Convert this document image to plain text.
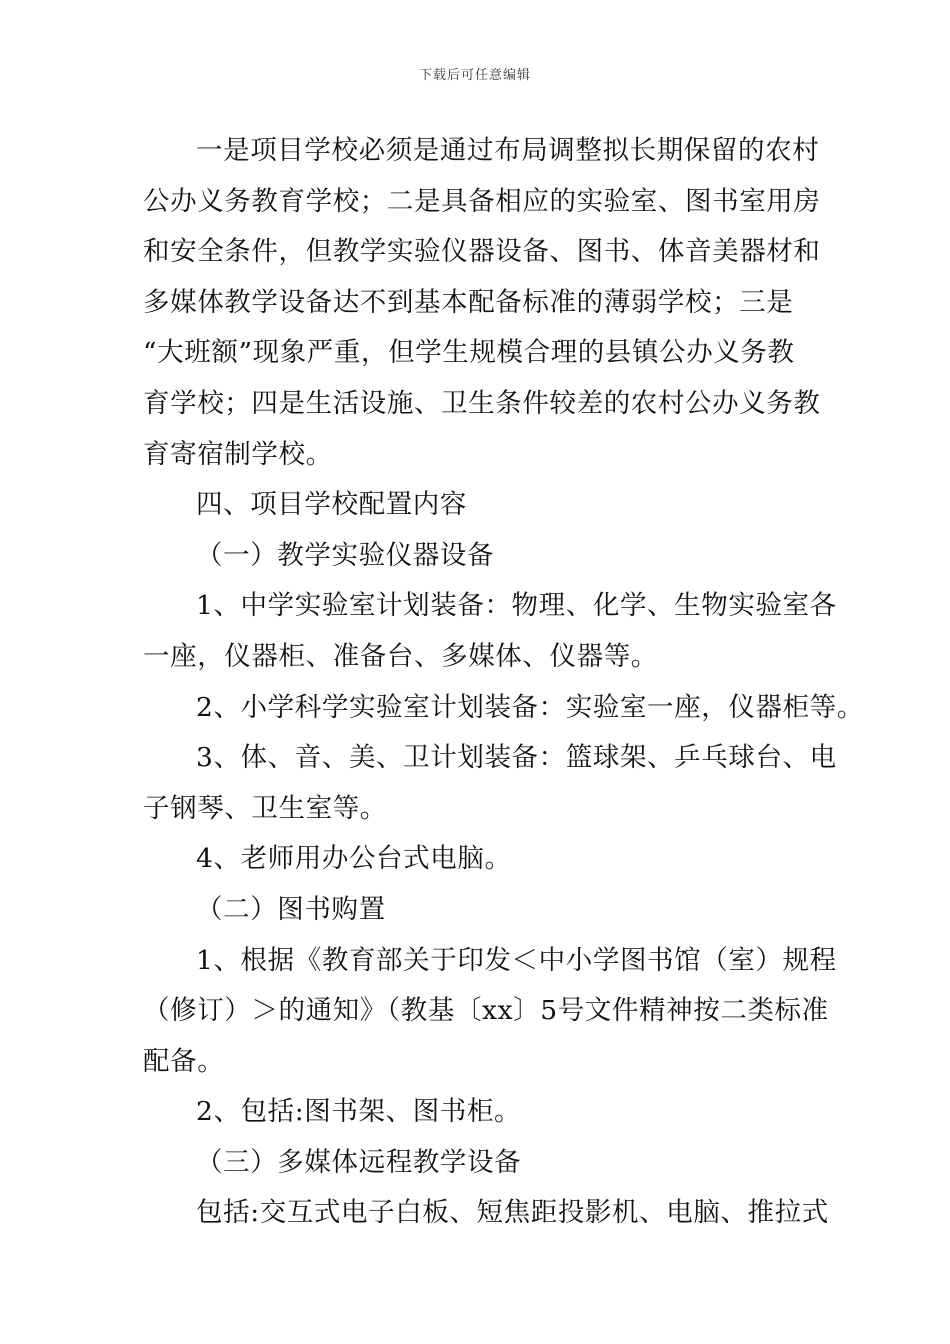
下载后可任意编辑
一是项目学校必须是通过布局调整拟长期保留的农村
公办义务教育学校；二是具备相应的实验室、图书室用房
和安全条件，但教学实验仪器设备、图书、体音美器材和
多媒体教学设备达不到基本配备标准的薄弱学校；三是
“大班额”现象严重，但学生规模合理的县镇公办义务教
育学校；四是生活设施、卫生条件较差的农村公办义务教
育寄宿制学校。
四、项目学校配置内容
（一）教学实验仪器设备
1、中学实验室计划装备：物理、化学、生物实验室各
一座，仪器柜、准备台、多媒体、仪器等。
2、小学科学实验室计划装备：实验室一座，仪器柜等。
3、体、音、美、卫计划装备：篮球架、乒乓球台、电
子钢琴、卫生室等。
4、老师用办公台式电脑。
（二）图书购置
1、根据《教育部关于印发＜中小学图书馆（室）规程
（修订）＞的通知》（教基〔xx〕5号文件精神按二类标准
配备。
2、包括:图书架、图书柜。
（三）多媒体远程教学设备
包括:交互式电子白板、短焦距投影机、电脑、推拉式
